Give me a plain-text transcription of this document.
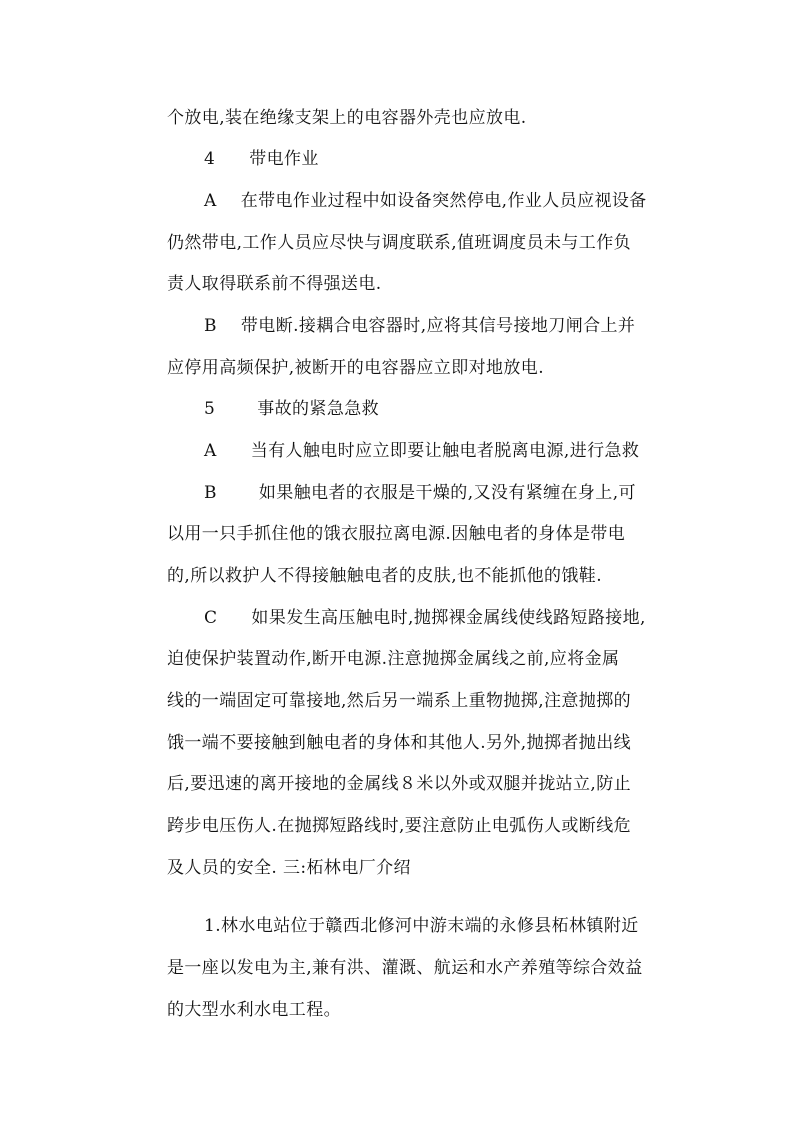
个放电,装在绝缘支架上的电容器外壳也应放电.
4 带电作业
A 在带电作业过程中如设备突然停电,作业人员应视设备
仍然带电,工作人员应尽快与调度联系,值班调度员未与工作负
责人取得联系前不得强送电.
B 带电断.接耦合电容器时,应将其信号接地刀闸合上并
应停用高频保护,被断开的电容器应立即对地放电.
5 事故的紧急急救
A 当有人触电时应立即要让触电者脱离电源,进行急救
B 如果触电者的衣服是干燥的,又没有紧缠在身上,可
以用一只手抓住他的饿衣服拉离电源.因触电者的身体是带电
的,所以救护人不得接触触电者的皮肤,也不能抓他的饿鞋.
C 如果发生高压触电时,抛掷裸金属线使线路短路接地,
迫使保护装置动作,断开电源.注意抛掷金属线之前,应将金属
线的一端固定可靠接地,然后另一端系上重物抛掷,注意抛掷的
饿一端不要接触到触电者的身体和其他人.另外,抛掷者抛出线
后,要迅速的离开接地的金属线８米以外或双腿并拢站立,防止
跨步电压伤人.在抛掷短路线时,要注意防止电弧伤人或断线危
及人员的安全. 三:柘林电厂介绍
1.林水电站位于赣西北修河中游末端的永修县柘林镇附近
是一座以发电为主,兼有洪、灌溉、航运和水产养殖等综合效益
的大型水利水电工程。
